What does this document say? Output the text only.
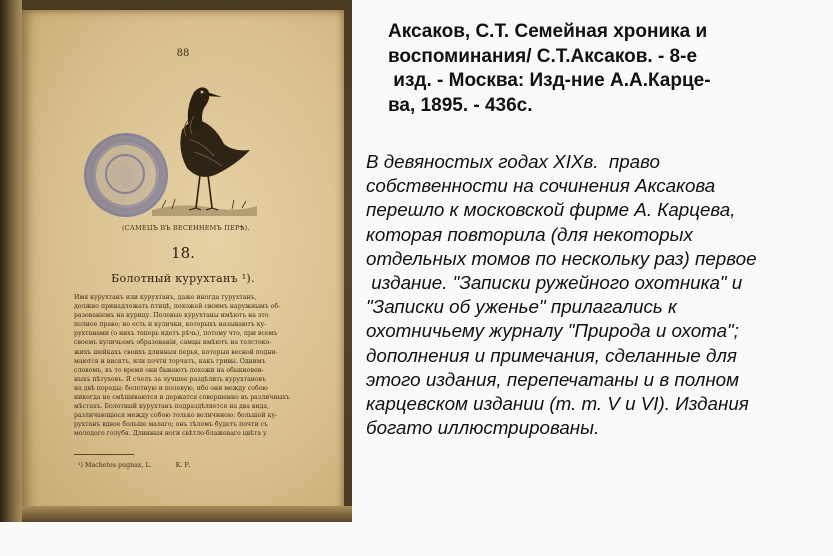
88
(САМЕЦЪ ВЪ ВЕСЕННЕМЪ ПЕРѢ).
18.
Болотный курухтанъ ¹).
Имя курухтанъ или курухтанъ, даже иногда турухтанъ,
должно принадлежать птицѣ, похожей своимъ наружнымъ об-
разованіемъ на курицу. Полевые курухтаны имѣютъ на это
полное право; но есть и кулички, которыхъ называютъ ку-
рухтанами (о нихъ теперь идетъ рѣчь), потому что, при всемъ
своемъ куличьемъ образованіи, самцы имѣютъ на толстоко-
жихъ шейкахъ своихъ длинныя перья, которыя весной подни-
маются и висятъ, или почти торчатъ, какъ гривы. Однимъ
словомъ, въ то время они бываютъ похожи на обыкновен-
ныхъ пѣтуховъ. Я счелъ за лучшее раздѣлить курухтановъ
на двѣ породы: болотную и полевую, ибо они между собою
никогда не смѣшиваются и держатся совершенно въ различныхъ
мѣстахъ. Болотный курухтанъ подраздѣляется на два вида,
различающіеся между собою только величиною: большой ку-
рухтанъ вдвое больше малаго; онъ тѣломъ будетъ почти съ
молодого голубя. Длинныя ноги свѣтло-блажеваго цвѣта у
¹) Machetes pugnax, L.	К. Р.
Аксаков, С.Т. Семейная хроника и
воспоминания/ С.Т.Аксаков. - 8-е
изд. - Москва: Изд-ние А.А.Карце-
ва, 1895. - 436с.
В девяностых годах XIXв.  право
собственности на сочинения Аксакова
перешло к московской фирме А. Карцева,
которая повторила (для некоторых
отдельных томов по нескольку раз) первое
издание. "Записки ружейного охотника" и
"Записки об уженье" прилагались к
охотничьему журналу "Природа и охота";
дополнения и примечания, сделанные для
этого издания, перепечатаны и в полном
карцевском издании (т. т. V и VI). Издания
богато иллюстрированы.
